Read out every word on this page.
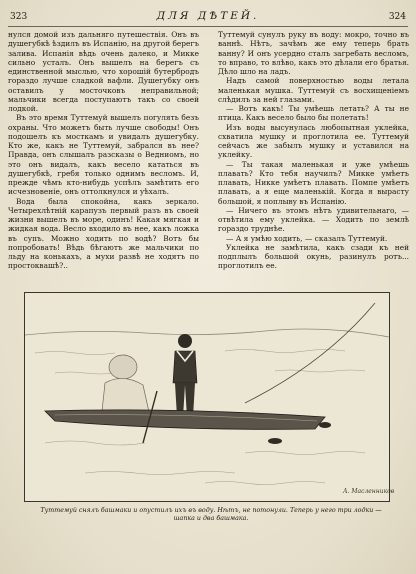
323	ДЛЯ ДѢТЕЙ.	324

нулся домой изъ дальняго путешествія. Онъ въ душегубкѣ ѣздилъ въ Испанію, на другой берегъ залива. Испанія вѣдь очень далеко, и Микке сильно усталъ. Онъ вышелъ на берегъ съ единственной мыслью, что хорошій бутербродъ гораздо лучше сладкой вафли. Душегубку онъ оставилъ у мосточковъ неправильной; мальчики всегда поступаютъ такъ со своей лодкой.

Въ это время Туттемуй вышелъ погулять безъ охраны. Что можетъ быть лучше свободы! Онъ подошелъ къ мосткамъ и увидалъ душегубку. Кто же, какъ не Туттемуй, забрался въ нее? Правда, онъ слышалъ разсказы о Ведниомъ, но это онъ видалъ, какъ весело кататься въ душегубкѣ, гребя только однимъ весломъ. И, прежде чѣмъ кто-нибудь успѣлъ замѣтить его исчезновеніе, онъ оттолкнулся и уѣхалъ.

Вода была спокойна, какъ зеркало. Четырехлѣтній карапузъ первый разъ въ своей жизни вышелъ въ море, одинъ! Какая мягкая и жидкая вода. Весло входило въ нее, какъ ложка въ супъ. Можно ходить по водѣ? Вотъ бы попробовать! Вѣдь бѣгаютъ же мальчики по льду на конькахъ, а мухи развѣ не ходятъ по простоквашѣ?..

Туттемуй сунулъ руку въ воду: мокро, точно въ ваннѣ. Нѣтъ, зачѣмъ же ему теперь брать ванну? И онъ усердно сталъ загребать весломъ, то вправо, то влѣво, какъ это дѣлали его братья. Дѣло шло на ладъ.

Надъ самой поверхностью воды летала маленькая мушка. Туттемуй съ восхищеніемъ слѣдилъ за ней глазами.

— Вотъ какъ! Ты умѣешь летать? А ты не птица. Какъ весело было бы полетать!

Изъ воды высунулась любопытная уклейка, схватила мушку и проглотила ее. Туттемуй сейчасъ же забылъ мушку и уставился на уклейку.

— Ты такая маленькая и уже умѣешь плавать? Кто тебя научилъ? Микке умѣетъ плавать, Никке умѣетъ плавать. Помпе умѣетъ плавать, а я еще маленькій. Когда я вырасту большой, я поплыву въ Испанію.

— Ничего въ этомъ нѣтъ удивительнаго, — отвѣтила ему уклейка. — Ходить по землѣ гораздо труднѣе.

— А я умѣю ходить, — сказалъ Туттемуй.

Уклейка не замѣтила, какъ сзади къ ней подплылъ большой окунь, разинулъ ротъ... проглотилъ ее.

А. Масленников
Туттемуй снялъ башмаки и опустилъ ихъ въ воду. Нѣтъ, не потонули. Теперь у него три лодки — шапка и два башмака.
